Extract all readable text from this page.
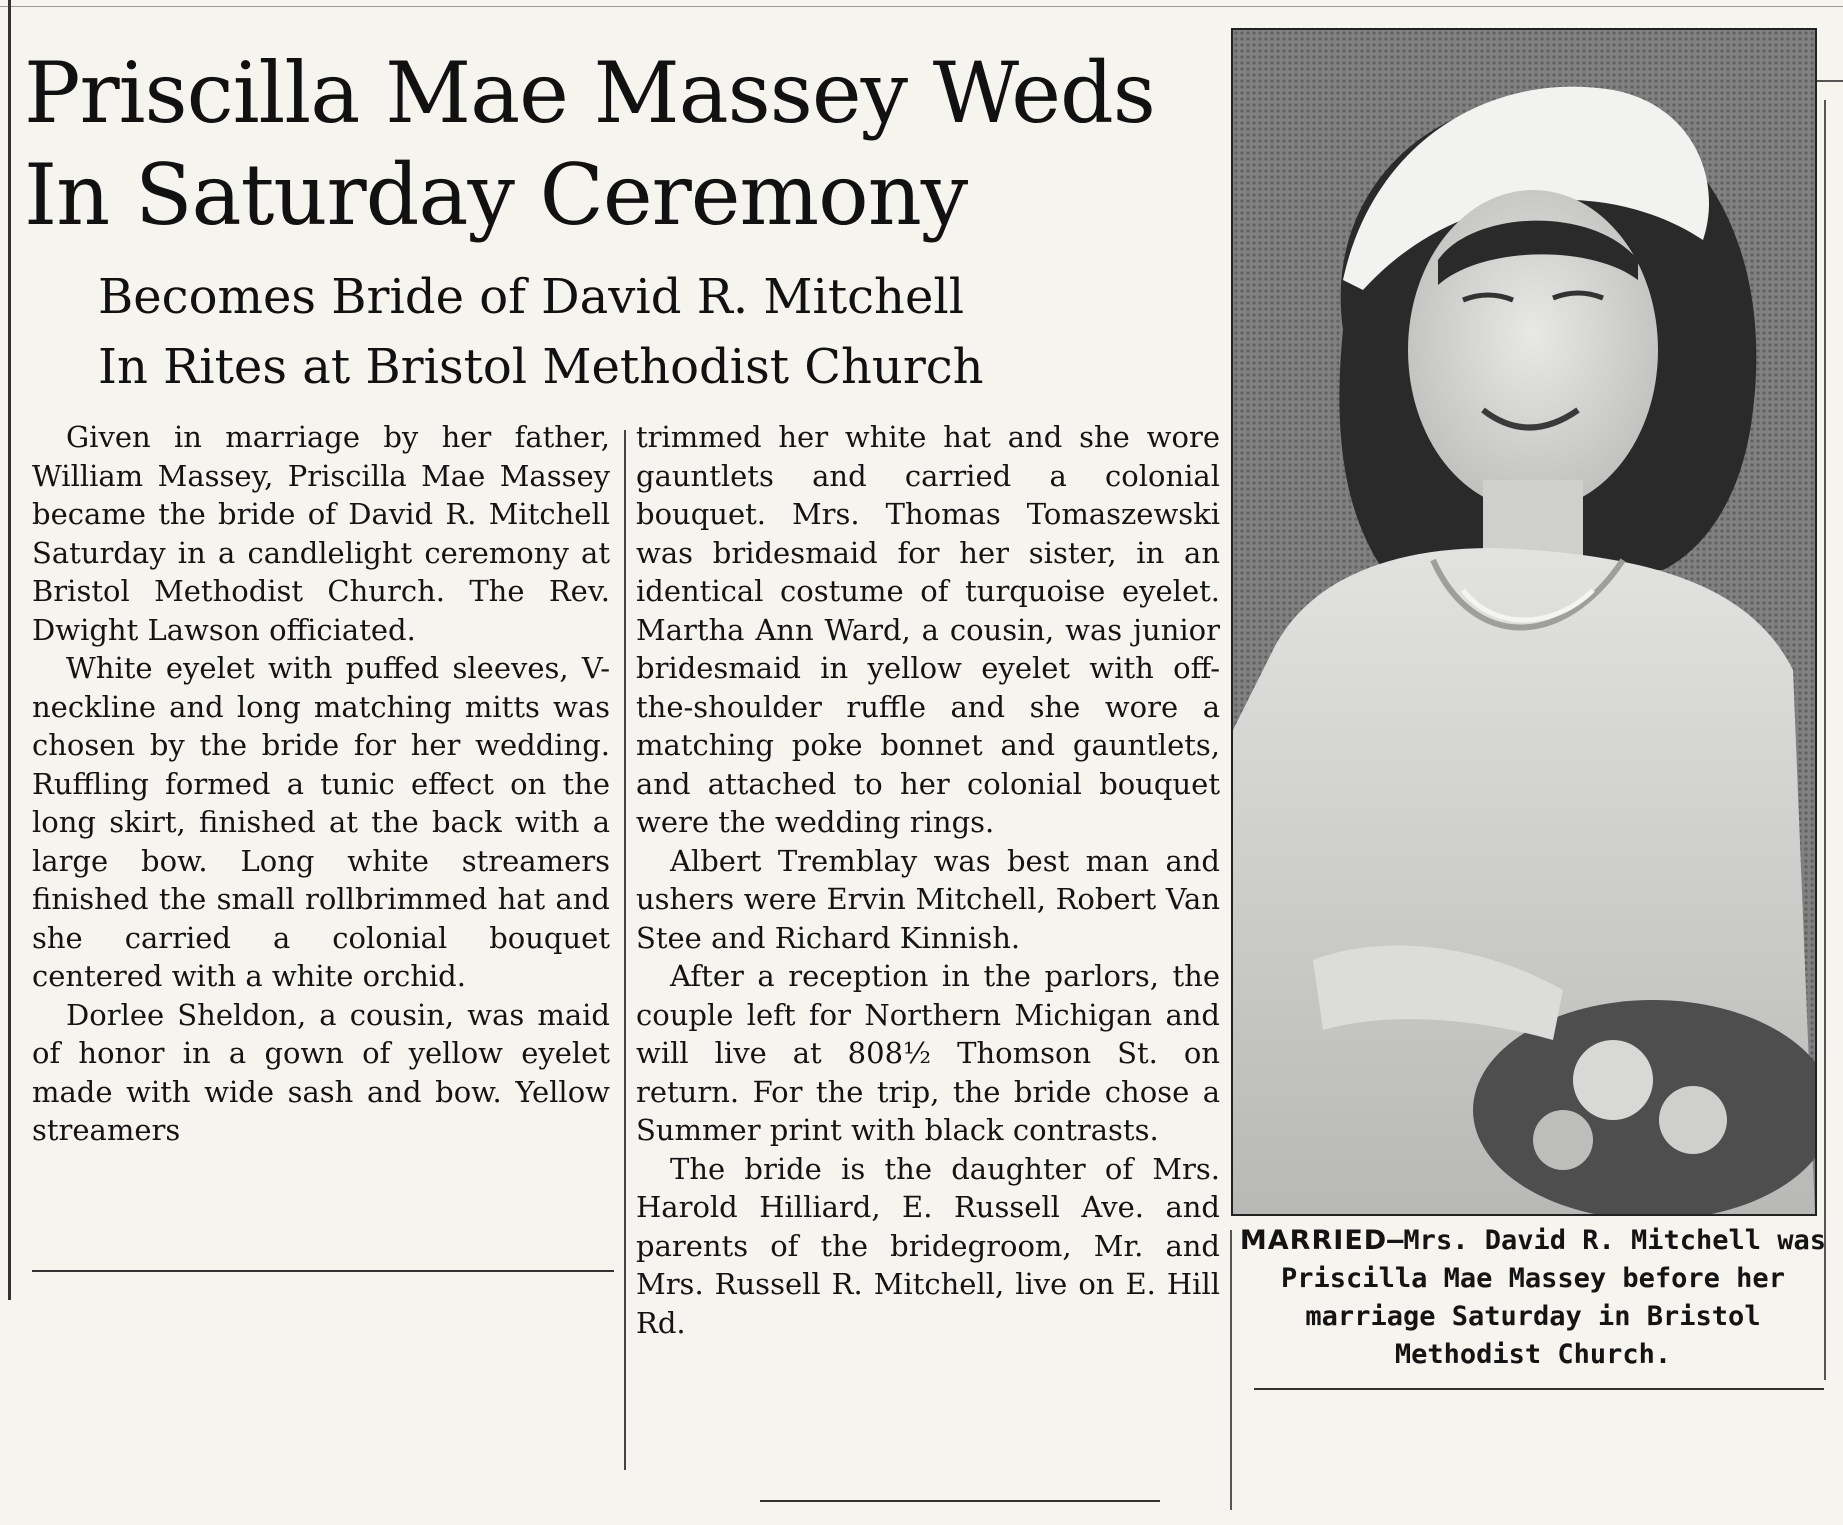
Priscilla Mae Massey Weds
In Saturday Ceremony
Becomes Bride of David R. Mitchell
In Rites at Bristol Methodist Church

Given in marriage by her father, William Massey, Priscilla Mae Massey became the bride of David R. Mitchell Saturday in a candlelight ceremony at Bristol Methodist Church. The Rev. Dwight Lawson officiated.

White eyelet with puffed sleeves, V-neckline and long matching mitts was chosen by the bride for her wedding. Ruffling formed a tunic effect on the long skirt, finished at the back with a large bow. Long white streamers finished the small rollbrimmed hat and she carried a colonial bouquet centered with a white orchid.

Dorlee Sheldon, a cousin, was maid of honor in a gown of yellow eyelet made with wide sash and bow. Yellow streamers

trimmed her white hat and she wore gauntlets and carried a colonial bouquet. Mrs. Thomas Tomaszewski was bridesmaid for her sister, in an identical costume of turquoise eyelet. Martha Ann Ward, a cousin, was junior bridesmaid in yellow eyelet with off-the-shoulder ruffle and she wore a matching poke bonnet and gauntlets, and attached to her colonial bouquet were the wedding rings.

Albert Tremblay was best man and ushers were Ervin Mitchell, Robert Van Stee and Richard Kinnish.

After a reception in the parlors, the couple left for Northern Michigan and will live at 808½ Thomson St. on return. For the trip, the bride chose a Summer print with black contrasts.

The bride is the daughter of Mrs. Harold Hilliard, E. Russell Ave. and parents of the bridegroom, Mr. and Mrs. Russell R. Mitchell, live on E. Hill Rd.

MARRIED—Mrs. David R. Mitchell was Priscilla Mae Massey before her marriage Saturday in Bristol Methodist Church.
